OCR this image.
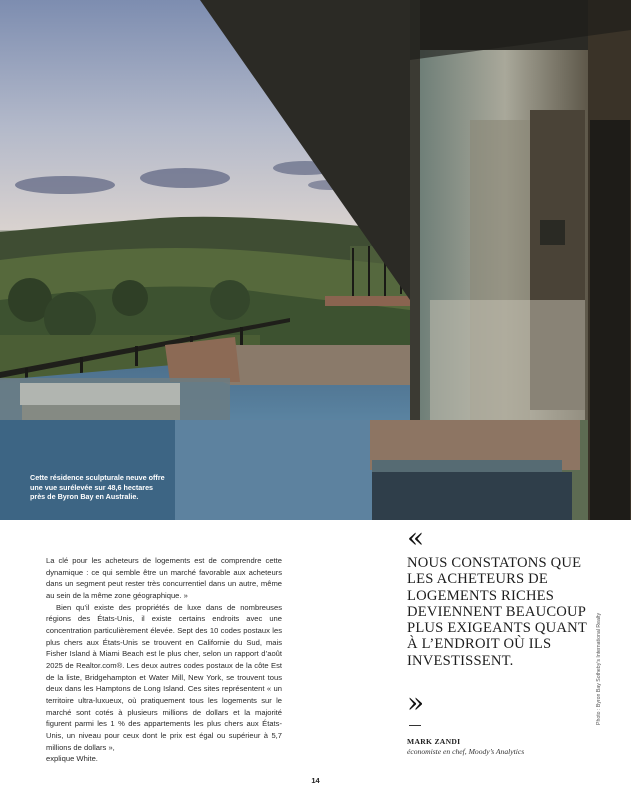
Cette résidence sculpturale neuve offre une vue surélevée sur 48,6 hectares près de Byron Bay en Australie.

La clé pour les acheteurs de logements est de comprendre cette dynamique : ce qui semble être un marché favorable aux acheteurs dans un segment peut rester très concurrentiel dans un autre, même au sein de la même zone géographique. »

Bien qu’il existe des propriétés de luxe dans de nombreuses régions des États-Unis, il existe certains endroits avec une concentration particulièrement élevée. Sept des 10 codes postaux les plus chers aux États-Unis se trouvent en Californie du Sud, mais Fisher Island à Miami Beach est le plus cher, selon un rapport d’août 2025 de Realtor.com®. Les deux autres codes postaux de la côte Est de la liste, Bridgehampton et Water Mill, New York, se trouvent tous deux dans les Hamptons de Long Island. Ces sites représentent « un territoire ultra-luxueux, où pratiquement tous les logements sur le marché sont cotés à plusieurs millions de dollars et la majorité figurent parmi les 1 % des appartements les plus chers aux États-Unis, un niveau pour ceux dont le prix est égal ou supérieur à 5,7 millions de dollars »,
explique White.

«
NOUS CONSTATONS QUE LES ACHETEURS DE LOGEMENTS RICHES DEVIENNENT BEAUCOUP PLUS EXIGEANTS QUANT À L’ENDROIT OÙ ILS INVESTISSENT.
»
MARK ZANDI
économiste en chef, Moody’s Analytics
Photo : Byron Bay Sotheby’s International Realty
14
